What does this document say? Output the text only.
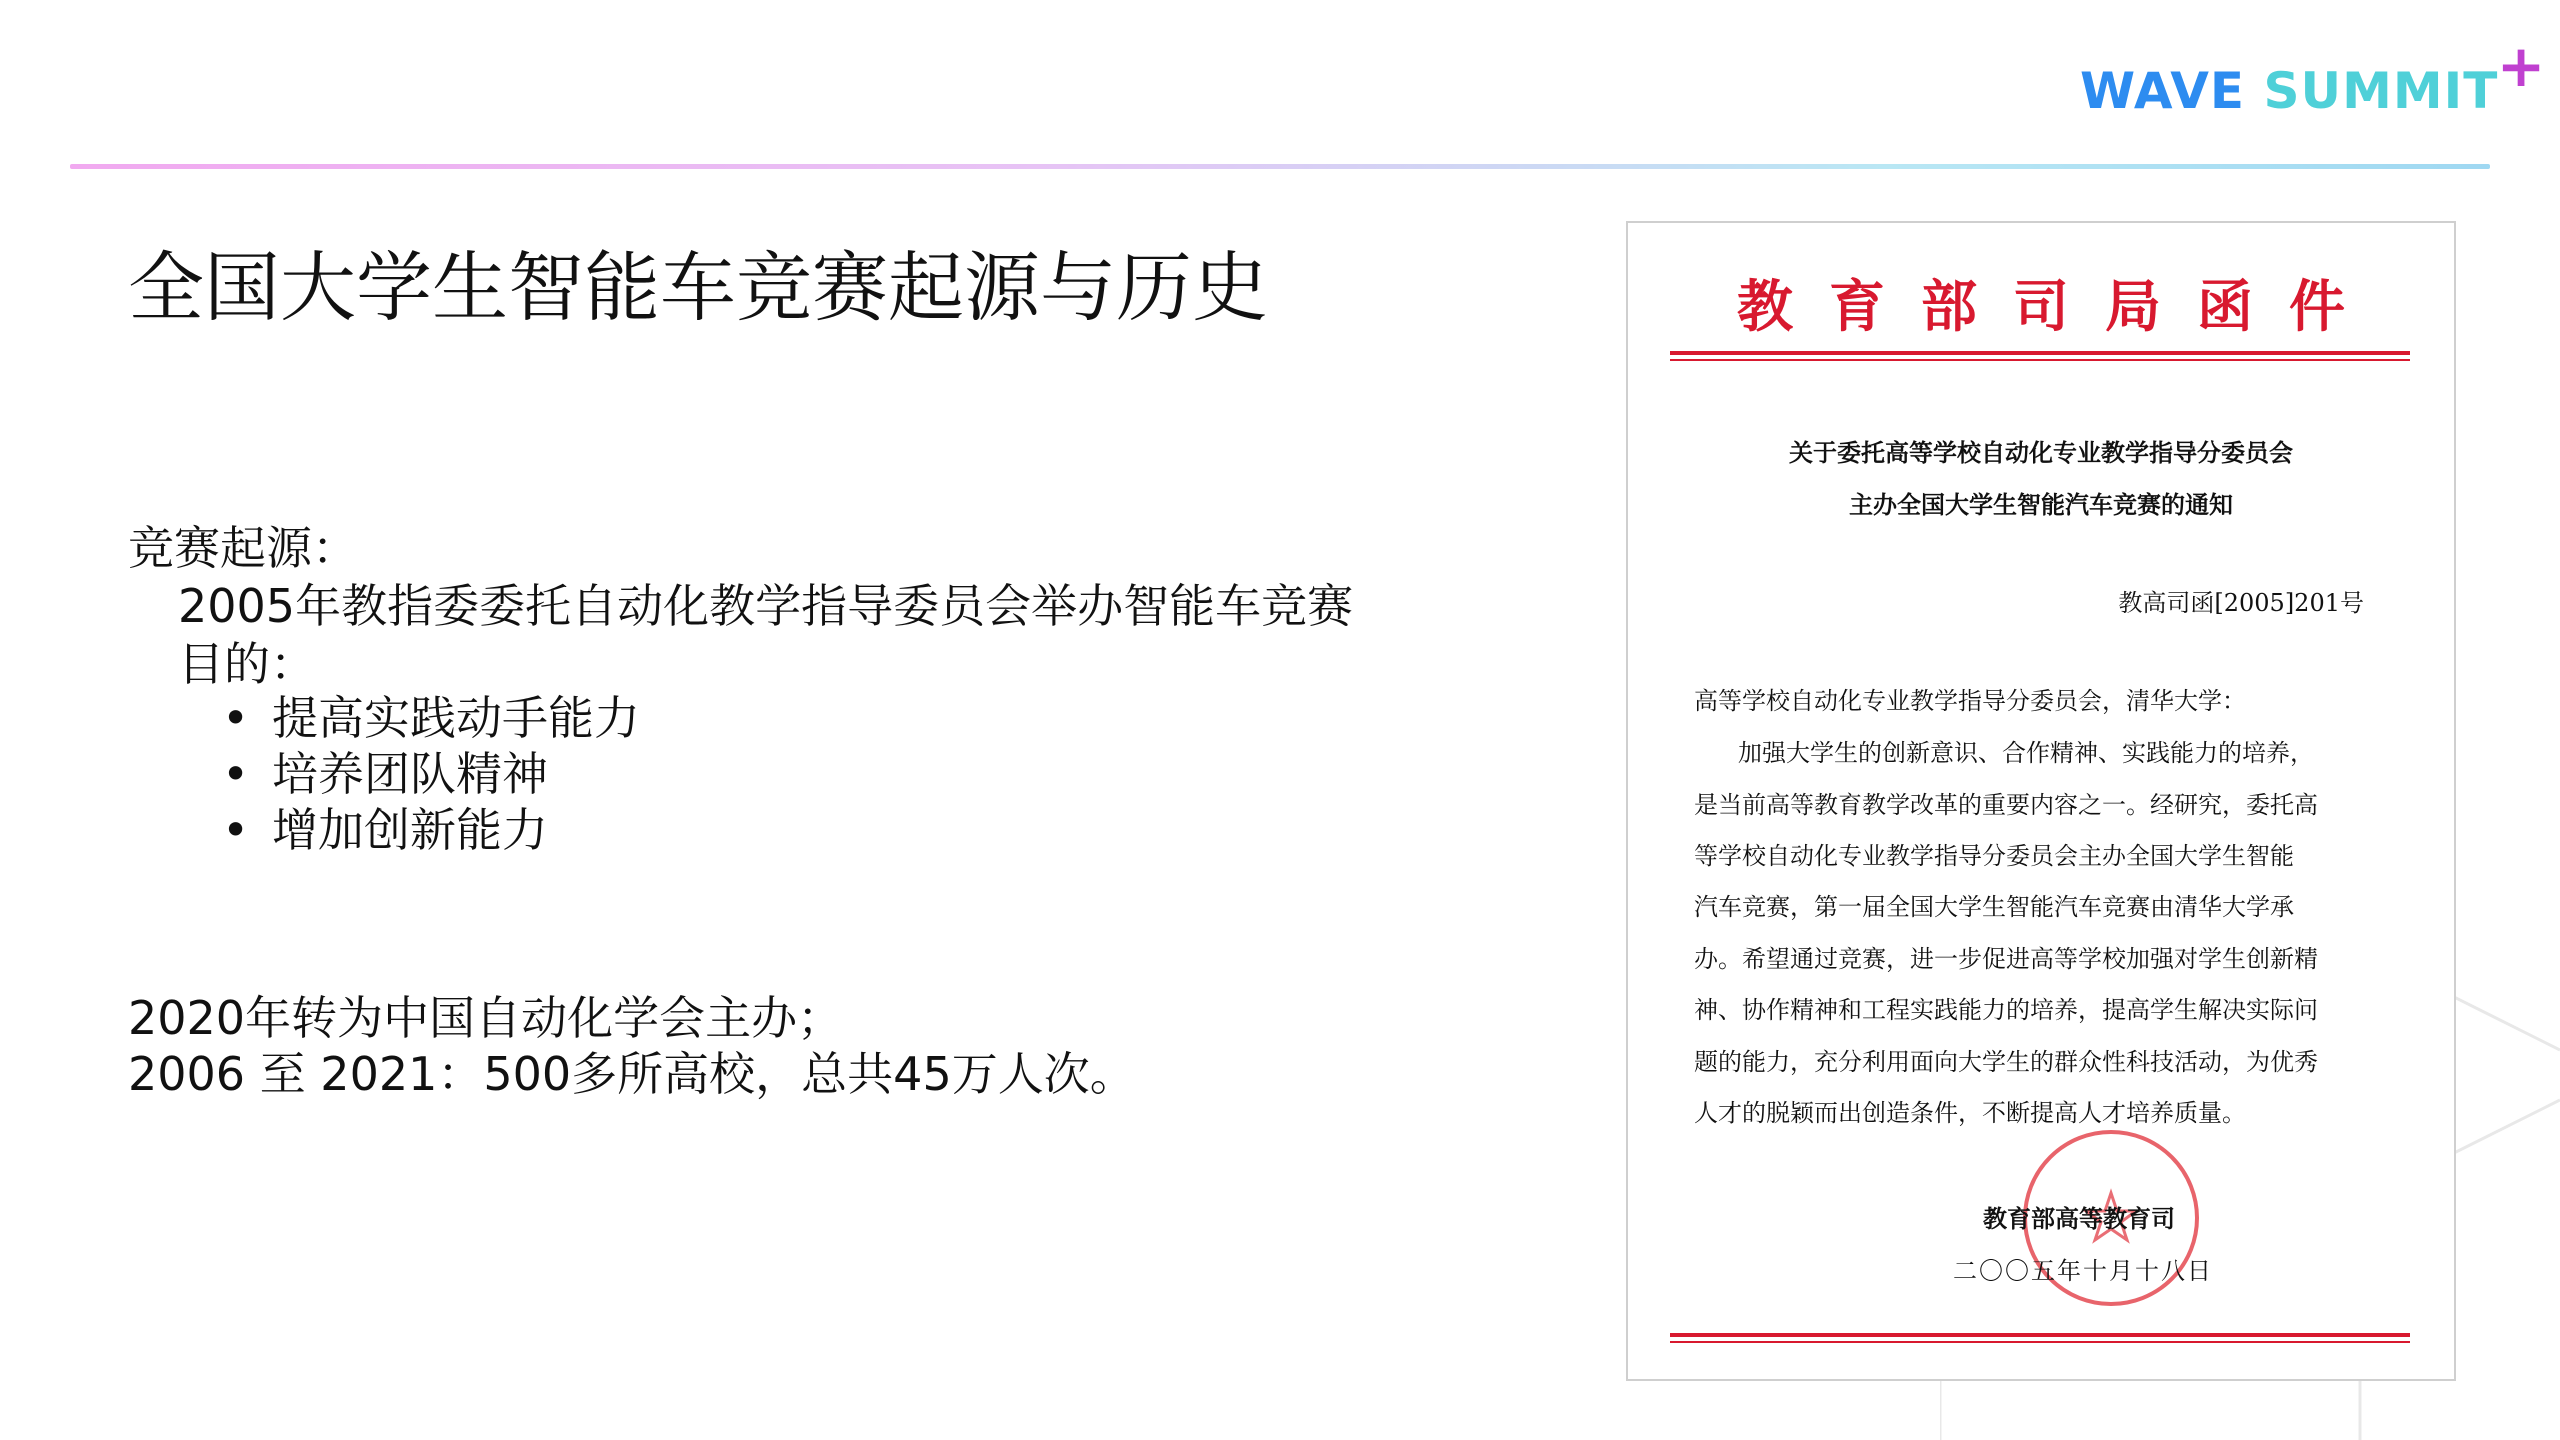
WAVE SUMMIT
+
全国大学生智能车竞赛起源与历史
竞赛起源：
2005年教指委委托自动化教学指导委员会举办智能车竞赛
目的：
• 提高实践动手能力
• 培养团队精神
• 增加创新能力
2020年转为中国自动化学会主办；
2006 至 2021：500多所高校，总共45万人次。
教育部司局函件
关于委托高等学校自动化专业教学指导分委员会
主办全国大学生智能汽车竞赛的通知
教高司函[2005]201号
高等学校自动化专业教学指导分委员会，清华大学：
加强大学生的创新意识、合作精神、实践能力的培养，
是当前高等教育教学改革的重要内容之一。经研究，委托高
等学校自动化专业教学指导分委员会主办全国大学生智能
汽车竞赛，第一届全国大学生智能汽车竞赛由清华大学承
办。希望通过竞赛，进一步促进高等学校加强对学生创新精
神、协作精神和工程实践能力的培养，提高学生解决实际问
题的能力，充分利用面向大学生的群众性科技活动，为优秀
人才的脱颖而出创造条件，不断提高人才培养质量。
教育部高等教育司
二〇〇五年十月十八日
